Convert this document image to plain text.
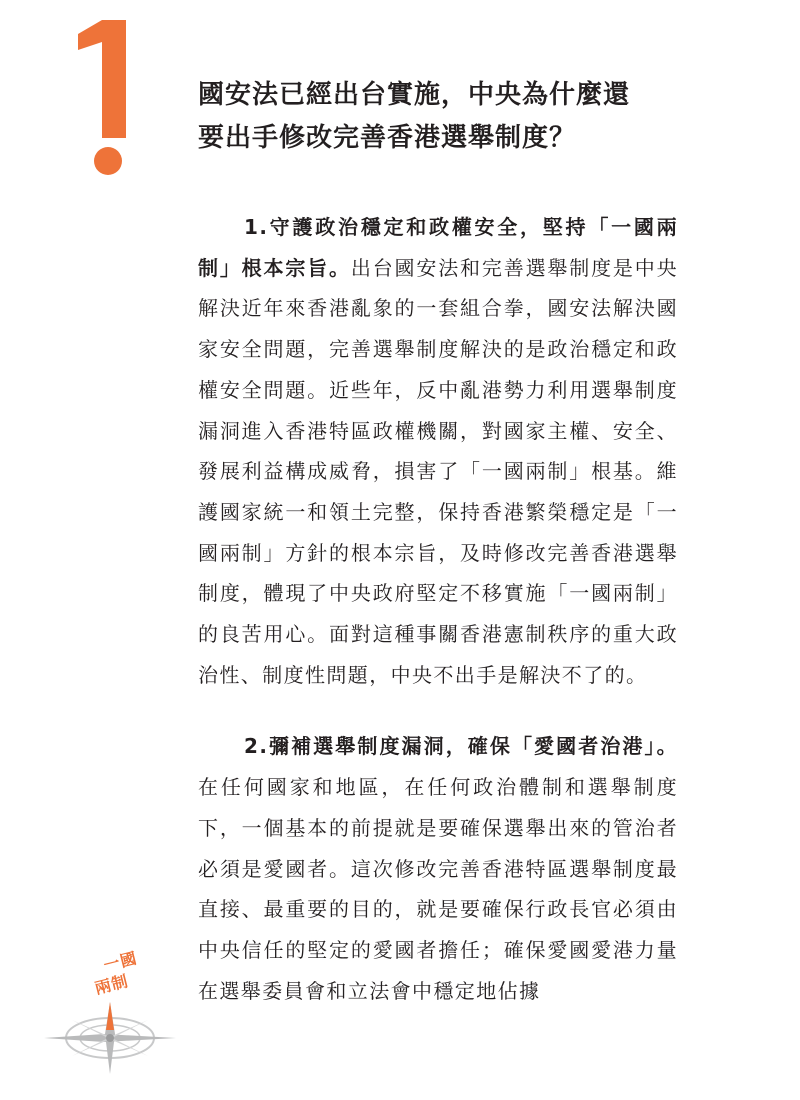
國安法已經出台實施，中央為什麼還
要出手修改完善香港選舉制度？

1.守護政治穩定和政權安全，堅持「一國兩制」根本宗旨。出台國安法和完善選舉制度是中央解決近年來香港亂象的一套組合拳，國安法解決國家安全問題，完善選舉制度解決的是政治穩定和政權安全問題。近些年，反中亂港勢力利用選舉制度漏洞進入香港特區政權機關，對國家主權、安全、發展利益構成威脅，損害了「一國兩制」根基。維護國家統一和領土完整，保持香港繁榮穩定是「一國兩制」方針的根本宗旨，及時修改完善香港選舉制度，體現了中央政府堅定不移實施「一國兩制」的良苦用心。面對這種事關香港憲制秩序的重大政治性、制度性問題，中央不出手是解決不了的。

2.彌補選舉制度漏洞，確保「愛國者治港」。在任何國家和地區，在任何政治體制和選舉制度下，一個基本的前提就是要確保選舉出來的管治者必須是愛國者。這次修改完善香港特區選舉制度最直接、最重要的目的，就是要確保行政長官必須由中央信任的堅定的愛國者擔任；確保愛國愛港力量在選舉委員會和立法會中穩定地佔據

一國
兩制
